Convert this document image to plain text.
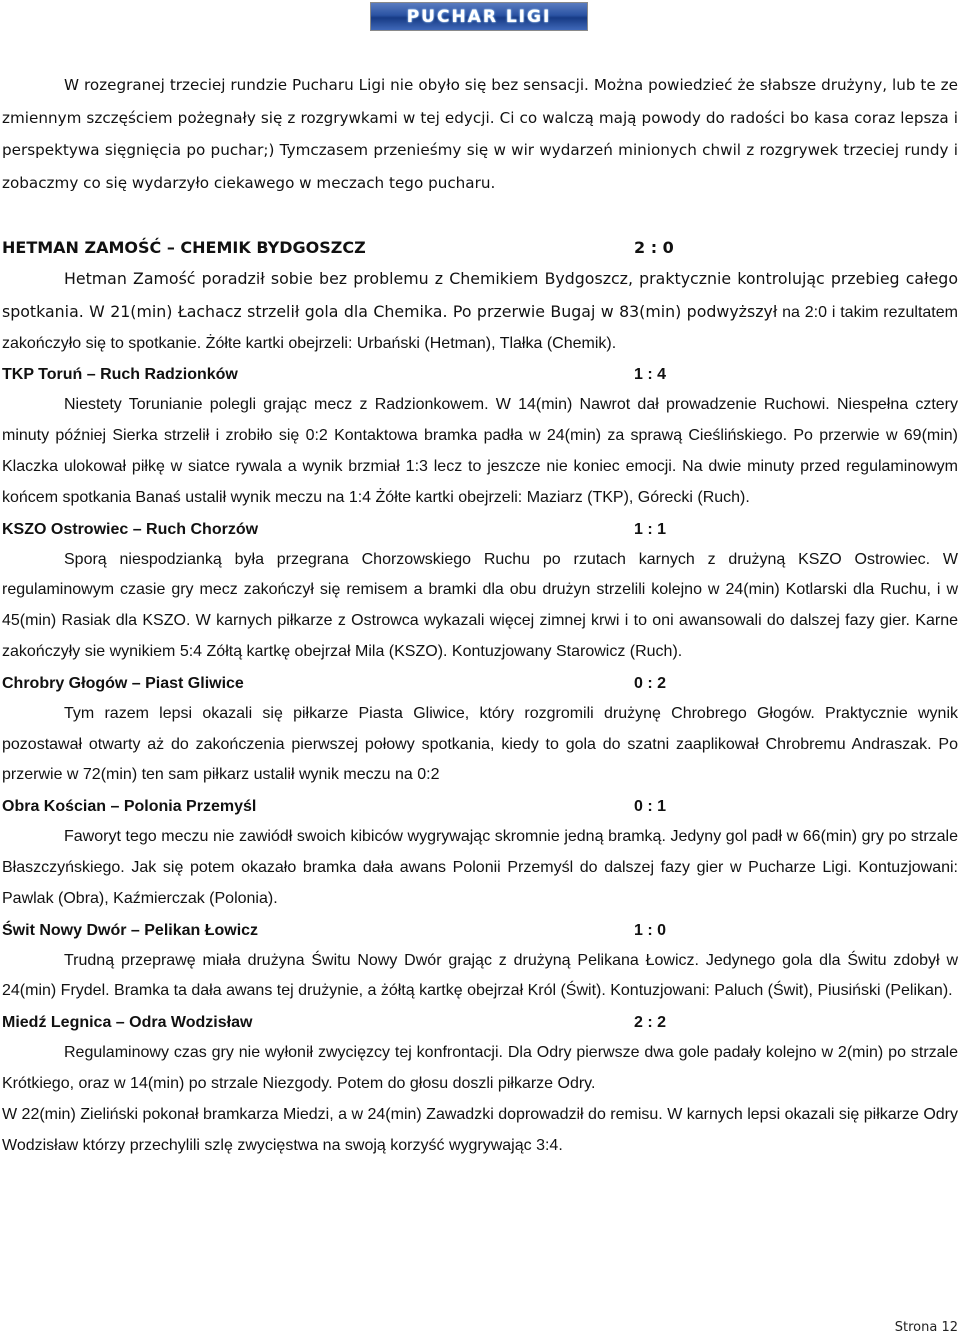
PUCHAR LIGI

W rozegranej trzeciej rundzie Pucharu Ligi nie obyło się bez sensacji. Można powiedzieć że słabsze drużyny, lub te ze zmiennym szczęściem pożegnały się z rozgrywkami w tej edycji. Ci co walczą mają powody do radości bo kasa coraz lepsza i perspektywa sięgnięcia po puchar;) Tymczasem przenieśmy się w wir wydarzeń minionych chwil z rozgrywek trzeciej rundy i zobaczmy co się wydarzyło ciekawego w meczach tego pucharu.

HETMAN ZAMOŚĆ – CHEMIK BYDGOSZCZ	2 : 0

Hetman Zamość poradził sobie bez problemu z Chemikiem Bydgoszcz, praktycznie kontrolując przebieg całego spotkania. W 21(min) Łachacz strzelił gola dla Chemika. Po przerwie Bugaj w 83(min) podwyższył na 2:0 i takim rezultatem zakończyło się to spotkanie. Żółte kartki obejrzeli: Urbański (Hetman), Tlałka (Chemik).

TKP Toruń – Ruch Radzionków	1 : 4

Niestety Torunianie polegli grając mecz z Radzionkowem. W 14(min) Nawrot dał prowadzenie Ruchowi. Niespełna cztery minuty później Sierka strzelił i zrobiło się 0:2 Kontaktowa bramka padła w 24(min) za sprawą Cieślińskiego. Po przerwie w 69(min) Klaczka ulokował piłkę w siatce rywala a wynik brzmiał 1:3 lecz to jeszcze nie koniec emocji. Na dwie minuty przed regulaminowym końcem spotkania Banaś ustalił wynik meczu na 1:4 Żółte kartki obejrzeli: Maziarz (TKP), Górecki (Ruch).

KSZO Ostrowiec – Ruch Chorzów	1 : 1

Sporą niespodzianką była przegrana Chorzowskiego Ruchu po rzutach karnych z drużyną KSZO Ostrowiec. W regulaminowym czasie gry mecz zakończył się remisem a bramki dla obu drużyn strzelili kolejno w 24(min) Kotlarski dla Ruchu, i w 45(min) Rasiak dla KSZO. W karnych piłkarze z Ostrowca wykazali więcej zimnej krwi i to oni awansowali do dalszej fazy gier. Karne zakończyły sie wynikiem 5:4 Zółtą kartkę obejrzał Mila (KSZO). Kontuzjowany Starowicz (Ruch).

Chrobry Głogów – Piast Gliwice	0 : 2

Tym razem lepsi okazali się piłkarze Piasta Gliwice, który rozgromili drużynę Chrobrego Głogów. Praktycznie wynik pozostawał otwarty aż do zakończenia pierwszej połowy spotkania, kiedy to gola do szatni zaaplikował Chrobremu Andraszak. Po przerwie w 72(min) ten sam piłkarz ustalił wynik meczu na 0:2

Obra Kościan – Polonia Przemyśl	0 : 1

Faworyt tego meczu nie zawiódł swoich kibiców wygrywając skromnie jedną bramką. Jedyny gol padł w 66(min) gry po strzale Błaszczyńskiego. Jak się potem okazało bramka dała awans Polonii Przemyśl do dalszej fazy gier w Pucharze Ligi. Kontuzjowani: Pawlak (Obra), Kaźmierczak (Polonia).

Świt Nowy Dwór – Pelikan Łowicz	1 : 0

Trudną przeprawę miała drużyna Świtu Nowy Dwór grając z drużyną Pelikana Łowicz. Jedynego gola dla Świtu zdobył w 24(min) Frydel. Bramka ta dała awans tej drużynie, a żółtą kartkę obejrzał Król (Świt). Kontuzjowani: Paluch (Świt), Piusiński (Pelikan).

Miedź Legnica – Odra Wodzisław	2 : 2

Regulaminowy czas gry nie wyłonił zwycięzcy tej konfrontacji. Dla Odry pierwsze dwa gole padały kolejno w 2(min) po strzale Krótkiego, oraz w 14(min) po strzale Niezgody. Potem do głosu doszli piłkarze Odry.

W 22(min) Zieliński pokonał bramkarza Miedzi, a w 24(min) Zawadzki doprowadził do remisu. W karnych lepsi okazali się piłkarze Odry Wodzisław którzy przechylili szlę zwycięstwa na swoją korzyść wygrywając 3:4.

Strona 12
